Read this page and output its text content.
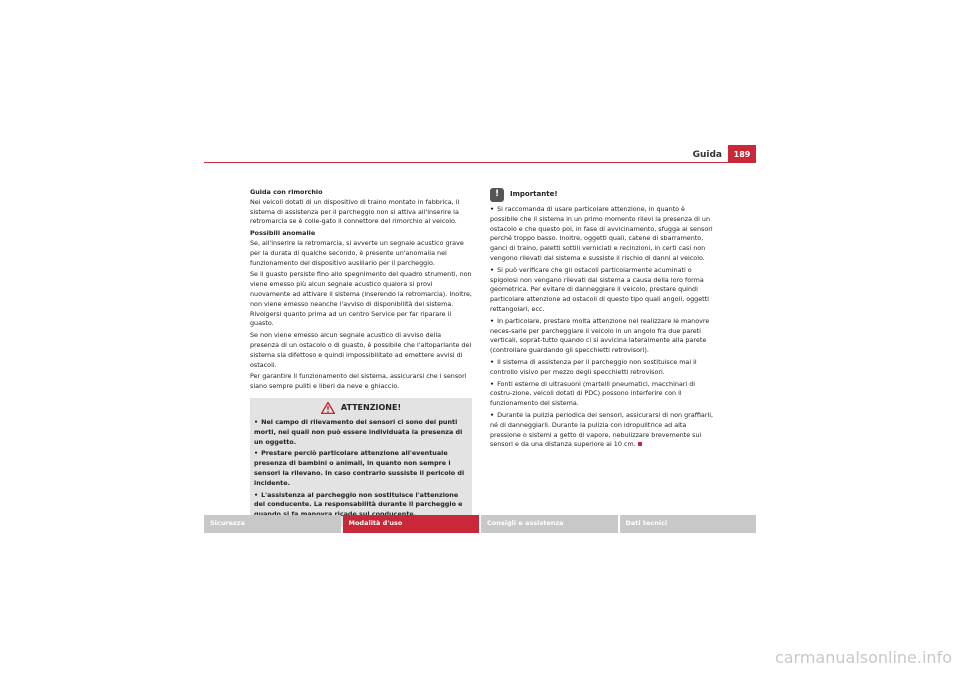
Guida	189
Guida con rimorchio

Nei veicoli dotati di un dispositivo di traino montato in fabbrica, il sistema di assistenza per il parcheggio non si attiva all'inserire la retromarcia se è colle-gato il connettore del rimorchio al veicolo.

Possibili anomalie

Se, all'inserire la retromarcia, si avverte un segnale acustico grave per la durata di qualche secondo, è presente un'anomalia nel funzionamento del dispositivo ausiliario per il parcheggio.

Se il guasto persiste fino allo spegnimento del quadro strumenti, non viene emesso più alcun segnale acustico qualora si provi nuovamente ad attivare il sistema (inserendo la retromarcia). Inoltre, non viene emesso neanche l'avviso di disponibilità del sistema. Rivolgersi quanto prima ad un centro Service per far riparare il guasto.

Se non viene emesso alcun segnale acustico di avviso della presenza di un ostacolo o di guasto, è possibile che l'altoparlante del sistema sia difettoso e quindi impossibilitato ad emettere avvisi di ostacoli.

Per garantire il funzionamento del sistema, assicurarsi che i sensori siano sempre puliti e liberi da neve e ghiaccio.

ATTENZIONE!

• Nel campo di rilevamento dei sensori ci sono dei punti morti, nei quali non può essere individuata la presenza di un oggetto.

• Prestare perciò particolare attenzione all'eventuale presenza di bambini o animali, in quanto non sempre i sensori la rilevano. In caso contrario sussiste il pericolo di incidente.

• L'assistenza al parcheggio non sostituisce l'attenzione del conducente. La responsabilità durante il parcheggio e

!	Importante!

• Si raccomanda di usare particolare attenzione, in quanto è possibile che il sistema in un primo momento rilevi la presenza di un ostacolo e che questo poi, in fase di avvicinamento, sfugga ai sensori perché troppo basso. Inoltre, oggetti quali, catene di sbarramento, ganci di traino, paletti sottili verniciati e recinzioni, in certi casi non vengono rilevati dal sistema e sussiste il rischio di danni al veicolo.

• Si può verificare che gli ostacoli particolarmente acuminati o spigolosi non vengano rilevati dal sistema a causa della loro forma geometrica. Per evitare di danneggiare il veicolo, prestare quindi particolare attenzione ad ostacoli di questo tipo quali angoli, oggetti rettangolari, ecc.

• In particolare, prestare molta attenzione nel realizzare le manovre neces-sarie per parcheggiare il veicolo in un angolo fra due pareti verticali, soprat-tutto quando ci si avvicina lateralmente alla parete (controllare guardando gli specchietti retrovisori).

• Il sistema di assistenza per il parcheggio non sostituisce mai il controllo visivo per mezzo degli specchietti retrovisori.

• Fonti esterne di ultrasuoni (martelli pneumatici, macchinari di costru-zione, veicoli dotati di PDC) possono interferire con il funzionamento del sistema.

• Durante la pulizia periodica dei sensori, assicurarsi di non graffiarli, né di danneggiarli. Durante la pulizia con idropulitrice ad alta pressione o sistemi a getto di vapore, nebulizzare brevemente sui sensori e da una distanza superiore ai 10 cm.

Sicurezza	Modalità d'uso	Consigli e assistenza	Dati tecnici
carmanualsonline.info
